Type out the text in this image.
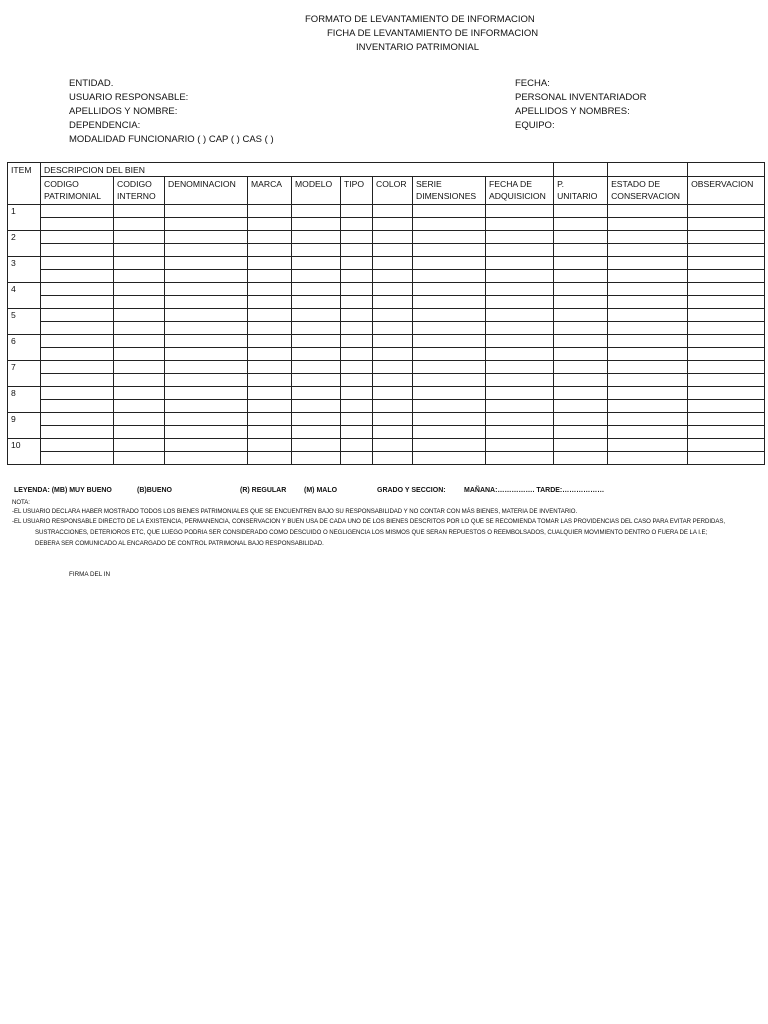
FORMATO DE LEVANTAMIENTO DE INFORMACION
FICHA DE LEVANTAMIENTO DE INFORMACION
INVENTARIO PATRIMONIAL
ENTIDAD.
USUARIO RESPONSABLE:
APELLIDOS Y NOMBRE:
DEPENDENCIA:
MODALIDAD FUNCIONARIO ( ) CAP ( ) CAS ( )
FECHA:
PERSONAL INVENTARIADOR
APELLIDOS Y NOMBRES:
EQUIPO:
ITEM	DESCRIPCION DEL BIEN											
	CODIGO PATRIMONIAL	CODIGO INTERNO	DENOMINACION	MARCA	MODELO	TIPO	COLOR	SERIE DIMENSIONES	FECHA DE ADQUISICION	P. UNITARIO	ESTADO DE CONSERVACION	OBSERVACION
1												

2												

3												

4												

5												

6												

7												

8												

9												

10												

LEYENDA: (MB) MUY BUENO	(B)BUENO	(R) REGULAR	(M) MALO	GRADO Y SECCION:	MAÑANA:……………. TARDE:………………
NOTA:
-EL USUARIO DECLARA HABER MOSTRADO TODOS LOS BIENES PATRIMONIALES QUE SE ENCUENTREN BAJO SU RESPONSABILIDAD Y NO CONTAR CON MÁS BIENES, MATERIA DE INVENTARIO.
-EL USUARIO RESPONSABLE DIRECTO DE LA EXISTENCIA, PERMANENCIA, CONSERVACION Y BUEN USA DE CADA UNO DE LOS BIENES DESCRITOS POR LO QUE SE RECOMIENDA TOMAR LAS PROVIDENCIAS DEL CASO PARA EVITAR PERDIDAS,
SUSTRACCIONES, DETERIOROS ETC, QUE LUEGO PODRIA SER CONSIDERADO COMO DESCUIDO O NEGLIGENCIA LOS MISMOS QUE SERAN REPUESTOS O REEMBOLSADOS, CUALQUIER MOVIMIENTO DENTRO O FUERA DE LA I.E;
DEBERA SER COMUNICADO AL ENCARGADO DE CONTROL PATRIMONAL BAJO RESPONSABILIDAD.
FIRMA DEL IN
